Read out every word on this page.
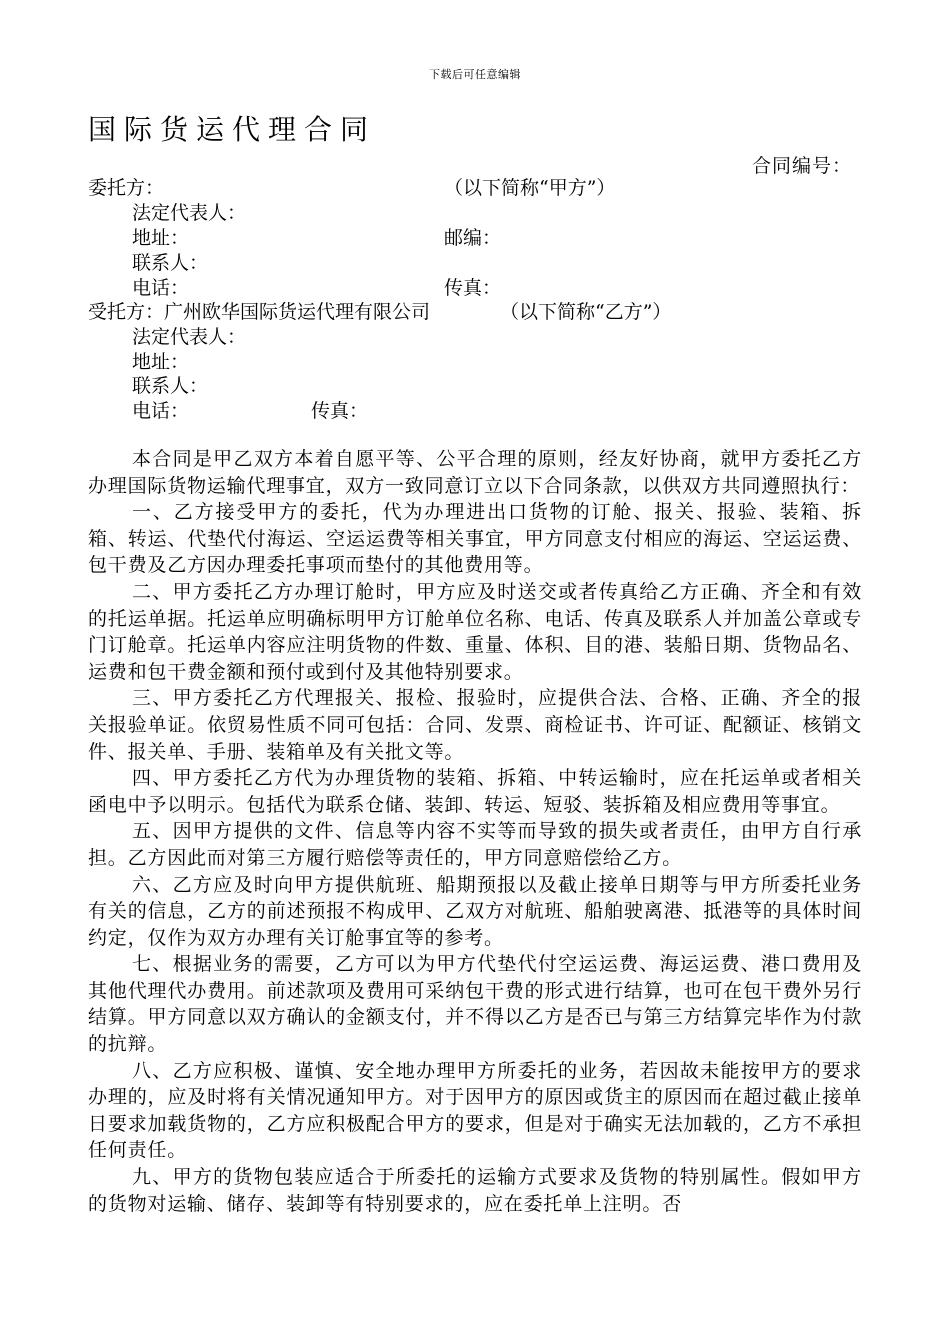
下载后可任意编辑
国际货运代理合同
合同编号：
委托方：	（以下简称“甲方”）
法定代表人：
地址：	邮编：
联系人：
电话：	传真：
受托方：广州欧华国际货运代理有限公司	（以下简称“乙方”）
法定代表人：
地址：
联系人：
电话：	传真：

本合同是甲乙双方本着自愿平等、公平合理的原则，经友好协商，就甲方委托乙方办理国际货物运输代理事宜，双方一致同意订立以下合同条款，以供双方共同遵照执行：

一、乙方接受甲方的委托，代为办理进出口货物的订舱、报关、报验、装箱、拆箱、转运、代垫代付海运、空运运费等相关事宜，甲方同意支付相应的海运、空运运费、包干费及乙方因办理委托事项而垫付的其他费用等。

二、甲方委托乙方办理订舱时，甲方应及时送交或者传真给乙方正确、齐全和有效的托运单据。托运单应明确标明甲方订舱单位名称、电话、传真及联系人并加盖公章或专门订舱章。托运单内容应注明货物的件数、重量、体积、目的港、装船日期、货物品名、运费和包干费金额和预付或到付及其他特别要求。

三、甲方委托乙方代理报关、报检、报验时，应提供合法、合格、正确、齐全的报关报验单证。依贸易性质不同可包括：合同、发票、商检证书、许可证、配额证、核销文件、报关单、手册、装箱单及有关批文等。

四、甲方委托乙方代为办理货物的装箱、拆箱、中转运输时，应在托运单或者相关函电中予以明示。包括代为联系仓储、装卸、转运、短驳、装拆箱及相应费用等事宜。

五、因甲方提供的文件、信息等内容不实等而导致的损失或者责任，由甲方自行承担。乙方因此而对第三方履行赔偿等责任的，甲方同意赔偿给乙方。

六、乙方应及时向甲方提供航班、船期预报以及截止接单日期等与甲方所委托业务有关的信息，乙方的前述预报不构成甲、乙双方对航班、船舶驶离港、抵港等的具体时间约定，仅作为双方办理有关订舱事宜等的参考。

七、根据业务的需要，乙方可以为甲方代垫代付空运运费、海运运费、港口费用及其他代理代办费用。前述款项及费用可采纳包干费的形式进行结算，也可在包干费外另行结算。甲方同意以双方确认的金额支付，并不得以乙方是否已与第三方结算完毕作为付款的抗辩。

八、乙方应积极、谨慎、安全地办理甲方所委托的业务，若因故未能按甲方的要求办理的，应及时将有关情况通知甲方。对于因甲方的原因或货主的原因而在超过截止接单日要求加载货物的，乙方应积极配合甲方的要求，但是对于确实无法加载的，乙方不承担任何责任。

九、甲方的货物包装应适合于所委托的运输方式要求及货物的特别属性。假如甲方的货物对运输、储存、装卸等有特别要求的，应在委托单上注明。否
